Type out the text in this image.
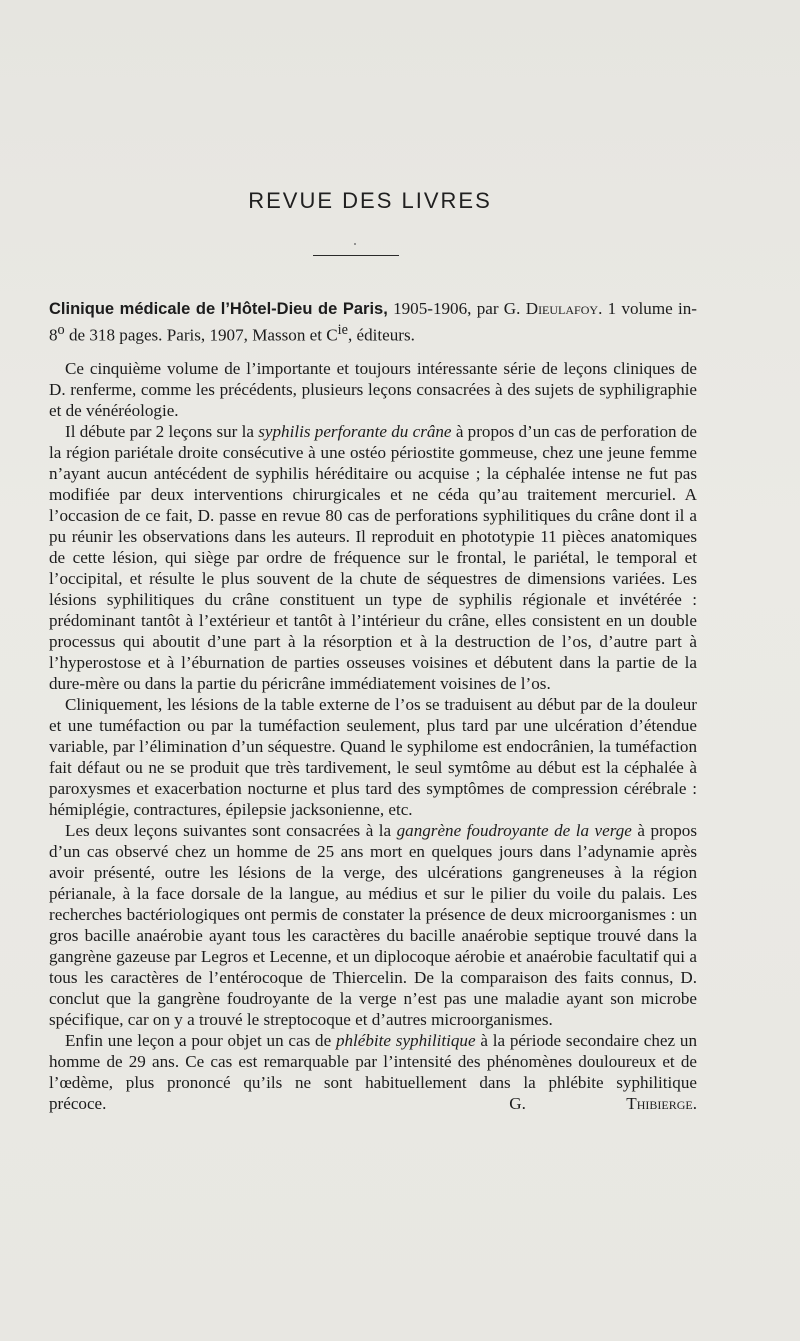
REVUE DES LIVRES

Clinique médicale de l’Hôtel-Dieu de Paris, 1905-1906, par G. Dieulafoy. 1 volume in-8$^o$ de 318 pages. Paris, 1907, Masson et $C^{ie}$, éditeurs.

Ce cinquième volume de l’importante et toujours intéressante série de leçons cliniques de D. renferme, comme les précédents, plusieurs leçons consacrées à des sujets de syphiligraphie et de vénéréologie.

Il débute par 2 leçons sur la syphilis perforante du crâne à propos d’un cas de perforation de la région pariétale droite consécutive à une ostéo périostite gommeuse, chez une jeune femme n’ayant aucun antécédent de syphilis héréditaire ou acquise ; la céphalée intense ne fut pas modifiée par deux interventions chirurgicales et ne céda qu’au traitement mercuriel. A l’occasion de ce fait, D. passe en revue 80 cas de perforations syphilitiques du crâne dont il a pu réunir les observations dans les auteurs. Il reproduit en phototypie 11 pièces anatomiques de cette lésion, qui siège par ordre de fréquence sur le frontal, le pariétal, le temporal et l’occipital, et résulte le plus souvent de la chute de séquestres de dimensions variées. Les lésions syphilitiques du crâne constituent un type de syphilis régionale et invétérée : prédominant tantôt à l’extérieur et tantôt à l’intérieur du crâne, elles consistent en un double processus qui aboutit d’une part à la résorption et à la destruction de l’os, d’autre part à l’hyperostose et à l’éburnation de parties osseuses voisines et débutent dans la partie de la dure-mère ou dans la partie du péricrâne immédiatement voisines de l’os.

Cliniquement, les lésions de la table externe de l’os se traduisent au début par de la douleur et une tuméfaction ou par la tuméfaction seulement, plus tard par une ulcération d’étendue variable, par l’élimination d’un séquestre. Quand le syphilome est endocrânien, la tuméfaction fait défaut ou ne se produit que très tardivement, le seul symtôme au début est la céphalée à paroxysmes et exacerbation nocturne et plus tard des symptômes de compression cérébrale : hémiplégie, contractures, épilepsie jacksonienne, etc.

Les deux leçons suivantes sont consacrées à la gangrène foudroyante de la verge à propos d’un cas observé chez un homme de 25 ans mort en quelques jours dans l’adynamie après avoir présenté, outre les lésions de la verge, des ulcérations gangreneuses à la région périanale, à la face dorsale de la langue, au médius et sur le pilier du voile du palais. Les recherches bactériologiques ont permis de constater la présence de deux microorganismes : un gros bacille anaérobie ayant tous les caractères du bacille anaérobie septique trouvé dans la gangrène gazeuse par Legros et Lecenne, et un diplocoque aérobie et anaérobie facultatif qui a tous les caractères de l’entérocoque de Thiercelin. De la comparaison des faits connus, D. conclut que la gangrène foudroyante de la verge n’est pas une maladie ayant son microbe spécifique, car on y a trouvé le streptocoque et d’autres microorganismes.

Enfin une leçon a pour objet un cas de phlébite syphilitique à la période secondaire chez un homme de 29 ans. Ce cas est remarquable par l’intensité des phénomènes douloureux et de l’œdème, plus prononcé qu’ils ne sont habituellement dans la phlébite syphilitique précoce.	G. Thibierge.
